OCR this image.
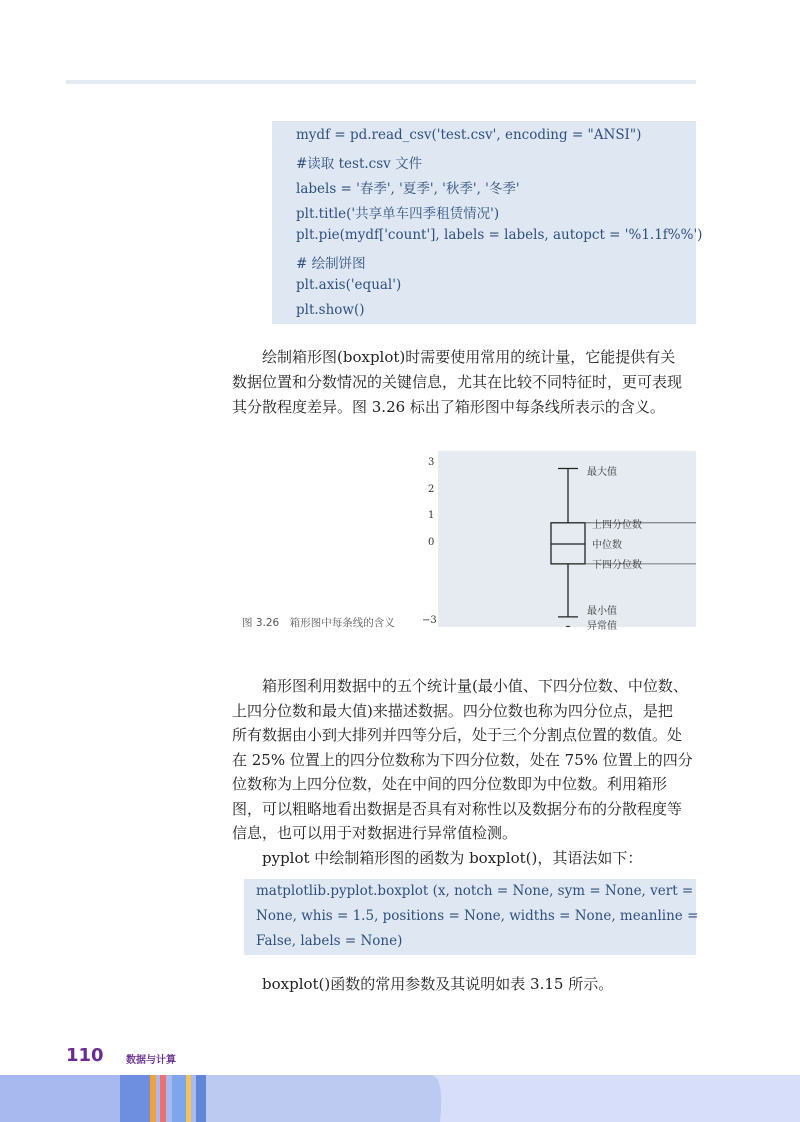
mydf = pd.read_csv('test.csv', encoding = "ANSI")
#读取 test.csv 文件
labels = '春季', '夏季', '秋季', '冬季'
plt.title('共享单车四季租赁情况')
plt.pie(mydf['count'], labels = labels, autopct = '%1.1f%%')
# 绘制饼图
plt.axis('equal')
plt.show()
　　绘制箱形图(boxplot)时需要使用常用的统计量，它能提供有关
数据位置和分数情况的关键信息，尤其在比较不同特征时，更可表现
其分散程度差异。图 3.26 标出了箱形图中每条线所表示的含义。
3
2
1
0
−3
最大值
上四分位数
中位数
下四分位数
最小值
异常值
图 3.26　箱形图中每条线的含义
　　箱形图利用数据中的五个统计量(最小值、下四分位数、中位数、
上四分位数和最大值)来描述数据。四分位数也称为四分位点，是把
所有数据由小到大排列并四等分后，处于三个分割点位置的数值。处
在 25% 位置上的四分位数称为下四分位数，处在 75% 位置上的四分
位数称为上四分位数，处在中间的四分位数即为中位数。利用箱形
图，可以粗略地看出数据是否具有对称性以及数据分布的分散程度等
信息，也可以用于对数据进行异常值检测。
　　pyplot 中绘制箱形图的函数为 boxplot()，其语法如下：
matplotlib.pyplot.boxplot (x, notch = None, sym = None, vert =
None, whis = 1.5, positions = None, widths = None, meanline =
False, labels = None)
　　boxplot()函数的常用参数及其说明如表 3.15 所示。
110 数据与计算
